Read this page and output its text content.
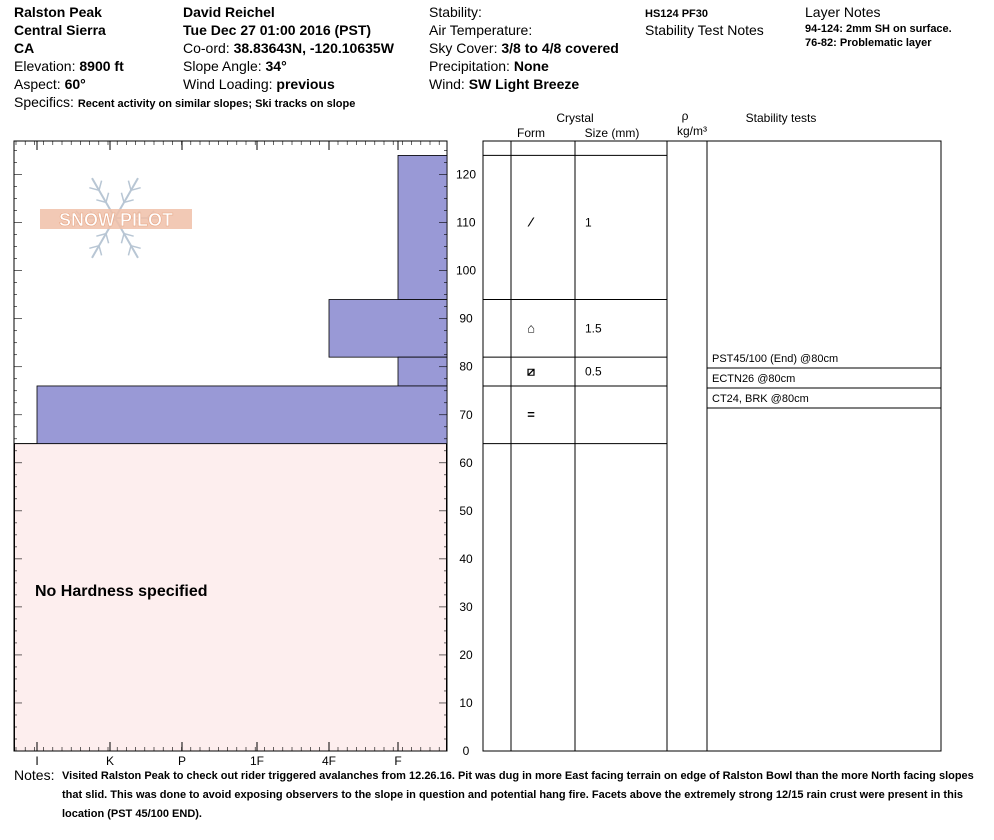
Ralston Peak
Central Sierra
CA
Elevation: 8900 ft
Aspect: 60°
Specifics: Recent activity on similar slopes; Ski tracks on slope
David Reichel
Tue Dec 27 01:00 2016 (PST)
Co-ord: 38.83643N, -120.10635W
Slope Angle: 34°
Wind Loading: previous
Stability:
Air Temperature:
Sky Cover: 3/8 to 4/8 covered
Precipitation: None
Wind: SW Light Breeze
HS124 PF30
Stability Test Notes
Layer Notes
94-124: 2mm SH on surface.
76-82: Problematic layer
I	K	P	1F	4F	F
SNOW PILOT
Crystal
Form	Size (mm)
ρ
kg/m³
Stability tests
⁄	1
⌂	1.5
⧄	0.5
=
PST45/100 (End) @80cm
ECTN26 @80cm
CT24, BRK @80cm
0
10
20
30
40
50
60
70
80
90
100
110
120
No Hardness specified
Notes: Visited Ralston Peak to check out rider triggered avalanches from 12.26.16. Pit was dug in more East facing terrain on edge of Ralston Bowl than the more North facing slopes that slid. This was done to avoid exposing observers to the slope in question and potential hang fire. Facets above the extremely strong 12/15 rain crust were present in this location (PST 45/100 END).
